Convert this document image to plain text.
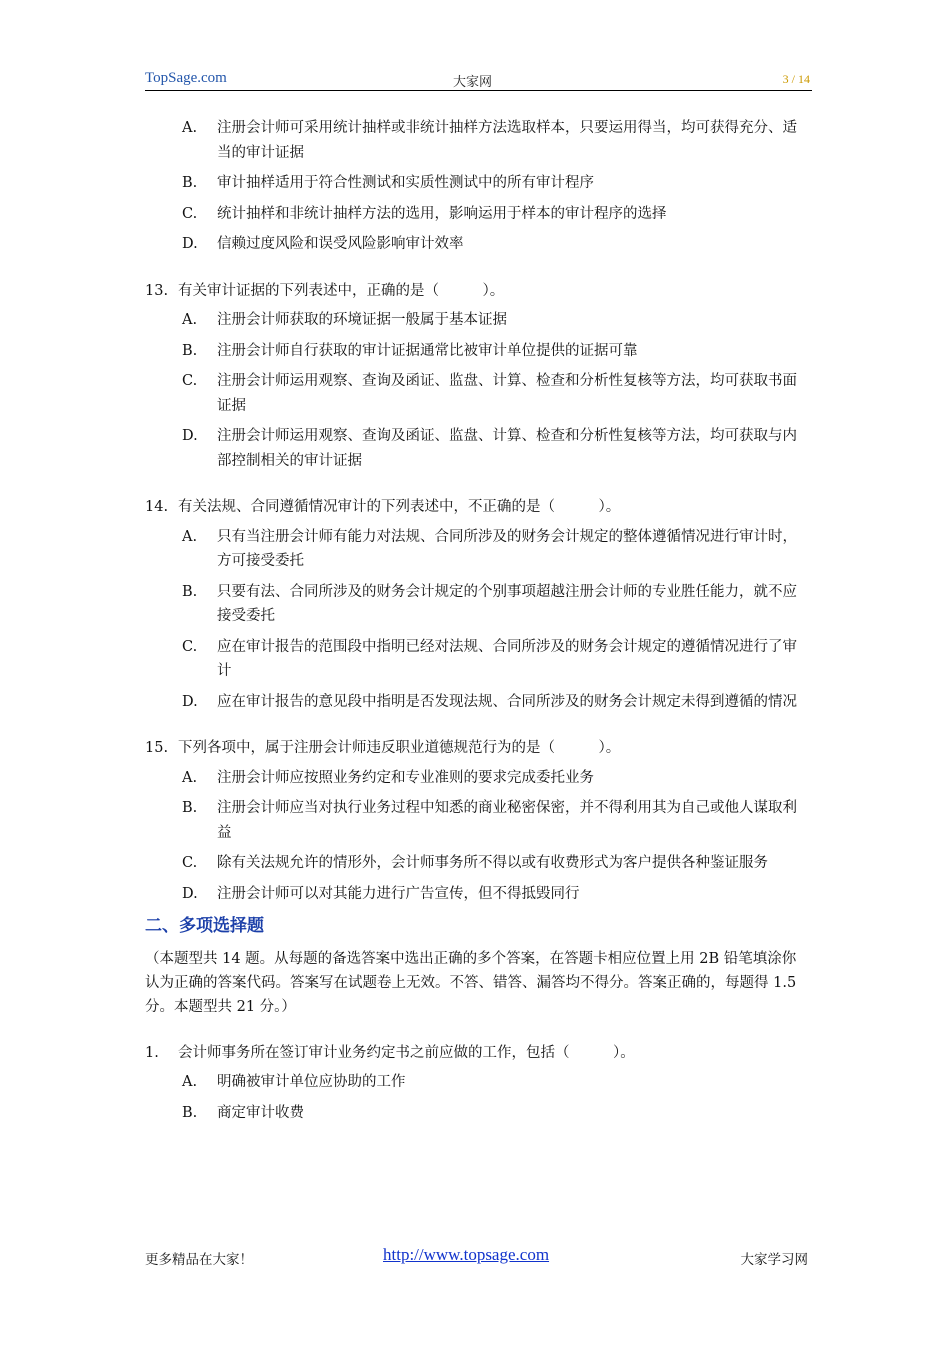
TopSage.com	大家网	3 / 14
A. 注册会计师可采用统计抽样或非统计抽样方法选取样本，只要运用得当，均可获得充分、适当的审计证据
B. 审计抽样适用于符合性测试和实质性测试中的所有审计程序
C. 统计抽样和非统计抽样方法的选用，影响运用于样本的审计程序的选择
D. 信赖过度风险和误受风险影响审计效率
13. 有关审计证据的下列表述中，正确的是（　　　）。
A. 注册会计师获取的环境证据一般属于基本证据
B. 注册会计师自行获取的审计证据通常比被审计单位提供的证据可靠
C. 注册会计师运用观察、查询及函证、监盘、计算、检查和分析性复核等方法，均可获取书面证据
D. 注册会计师运用观察、查询及函证、监盘、计算、检查和分析性复核等方法，均可获取与内部控制相关的审计证据
14. 有关法规、合同遵循情况审计的下列表述中，不正确的是（　　　）。
A. 只有当注册会计师有能力对法规、合同所涉及的财务会计规定的整体遵循情况进行审计时，方可接受委托
B. 只要有法、合同所涉及的财务会计规定的个别事项超越注册会计师的专业胜任能力，就不应接受委托
C. 应在审计报告的范围段中指明已经对法规、合同所涉及的财务会计规定的遵循情况进行了审计
D. 应在审计报告的意见段中指明是否发现法规、合同所涉及的财务会计规定未得到遵循的情况
15. 下列各项中，属于注册会计师违反职业道德规范行为的是（　　　）。
A. 注册会计师应按照业务约定和专业准则的要求完成委托业务
B. 注册会计师应当对执行业务过程中知悉的商业秘密保密，并不得利用其为自己或他人谋取利益
C. 除有关法规允许的情形外，会计师事务所不得以或有收费形式为客户提供各种鉴证服务
D. 注册会计师可以对其能力进行广告宣传，但不得抵毁同行
二、多项选择题
（本题型共 14 题。从每题的备选答案中选出正确的多个答案，在答题卡相应位置上用 2B 铅笔填涂你认为正确的答案代码。答案写在试题卷上无效。不答、错答、漏答均不得分。答案正确的，每题得 1.5 分。本题型共 21 分。）
1. 会计师事务所在签订审计业务约定书之前应做的工作，包括（　　　）。
A. 明确被审计单位应协助的工作
B. 商定审计收费
更多精品在大家！	http://www.topsage.com	大家学习网
